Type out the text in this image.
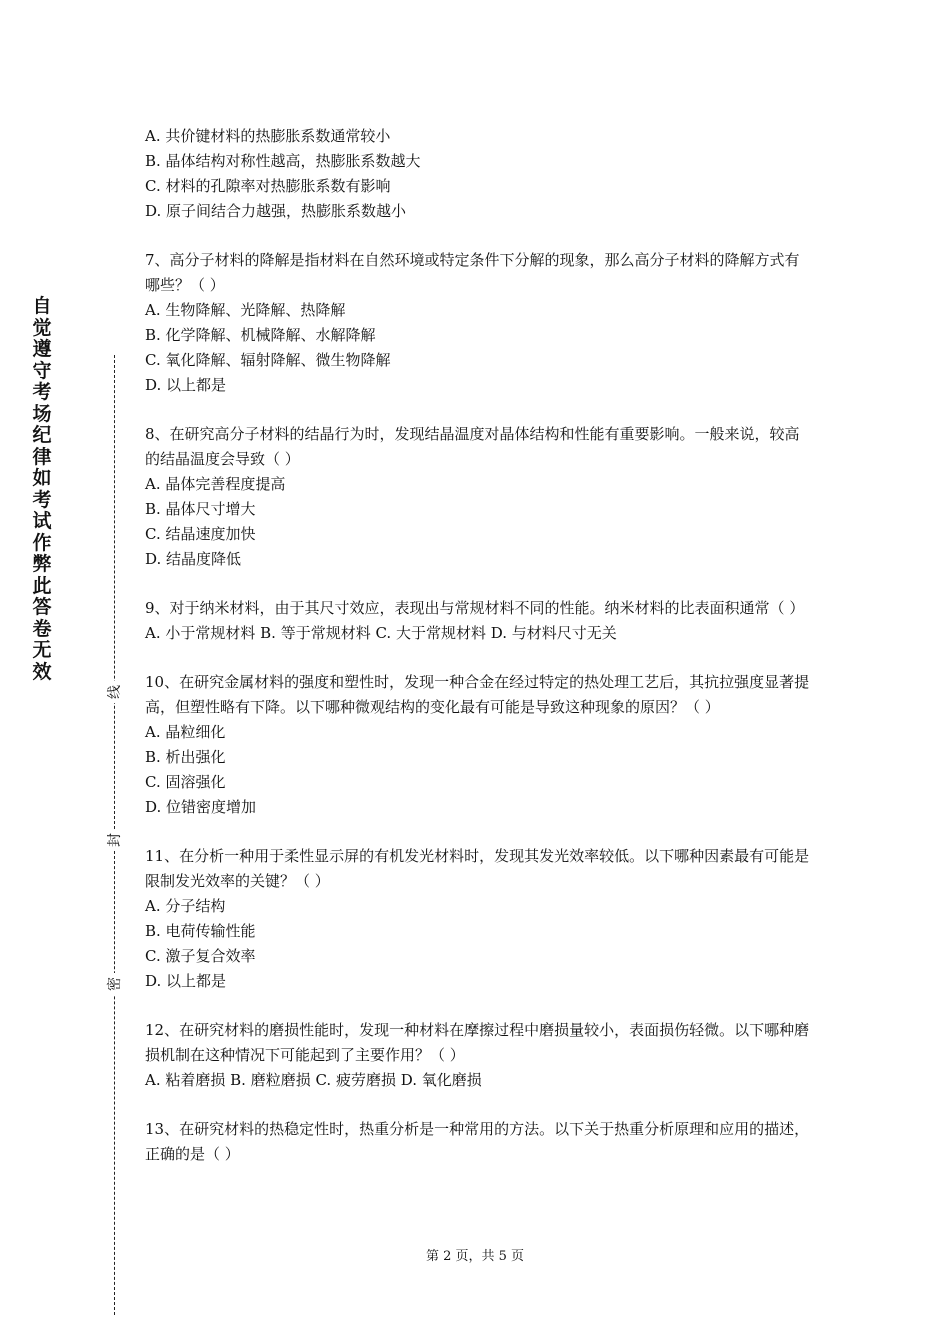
自觉遵守考场纪律如考试作弊此答卷无效
线
封
密
A. 共价键材料的热膨胀系数通常较小
B. 晶体结构对称性越高，热膨胀系数越大
C. 材料的孔隙率对热膨胀系数有影响
D. 原子间结合力越强，热膨胀系数越小
7、高分子材料的降解是指材料在自然环境或特定条件下分解的现象，那么高分子材料的降解方式有哪些？（ ）
A. 生物降解、光降解、热降解
B. 化学降解、机械降解、水解降解
C. 氧化降解、辐射降解、微生物降解
D. 以上都是
8、在研究高分子材料的结晶行为时，发现结晶温度对晶体结构和性能有重要影响。一般来说，较高的结晶温度会导致（ ）
A. 晶体完善程度提高
B. 晶体尺寸增大
C. 结晶速度加快
D. 结晶度降低
9、对于纳米材料，由于其尺寸效应，表现出与常规材料不同的性能。纳米材料的比表面积通常（ ）
A. 小于常规材料 B. 等于常规材料 C. 大于常规材料 D. 与材料尺寸无关
10、在研究金属材料的强度和塑性时，发现一种合金在经过特定的热处理工艺后，其抗拉强度显著提高，但塑性略有下降。以下哪种微观结构的变化最有可能是导致这种现象的原因？（ ）
A. 晶粒细化
B. 析出强化
C. 固溶强化
D. 位错密度增加
11、在分析一种用于柔性显示屏的有机发光材料时，发现其发光效率较低。以下哪种因素最有可能是限制发光效率的关键？（ ）
A. 分子结构
B. 电荷传输性能
C. 激子复合效率
D. 以上都是
12、在研究材料的磨损性能时，发现一种材料在摩擦过程中磨损量较小，表面损伤轻微。以下哪种磨损机制在这种情况下可能起到了主要作用？（ ）
A. 粘着磨损 B. 磨粒磨损 C. 疲劳磨损 D. 氧化磨损
13、在研究材料的热稳定性时，热重分析是一种常用的方法。以下关于热重分析原理和应用的描述，正确的是（ ）
第 2 页，共 5 页
